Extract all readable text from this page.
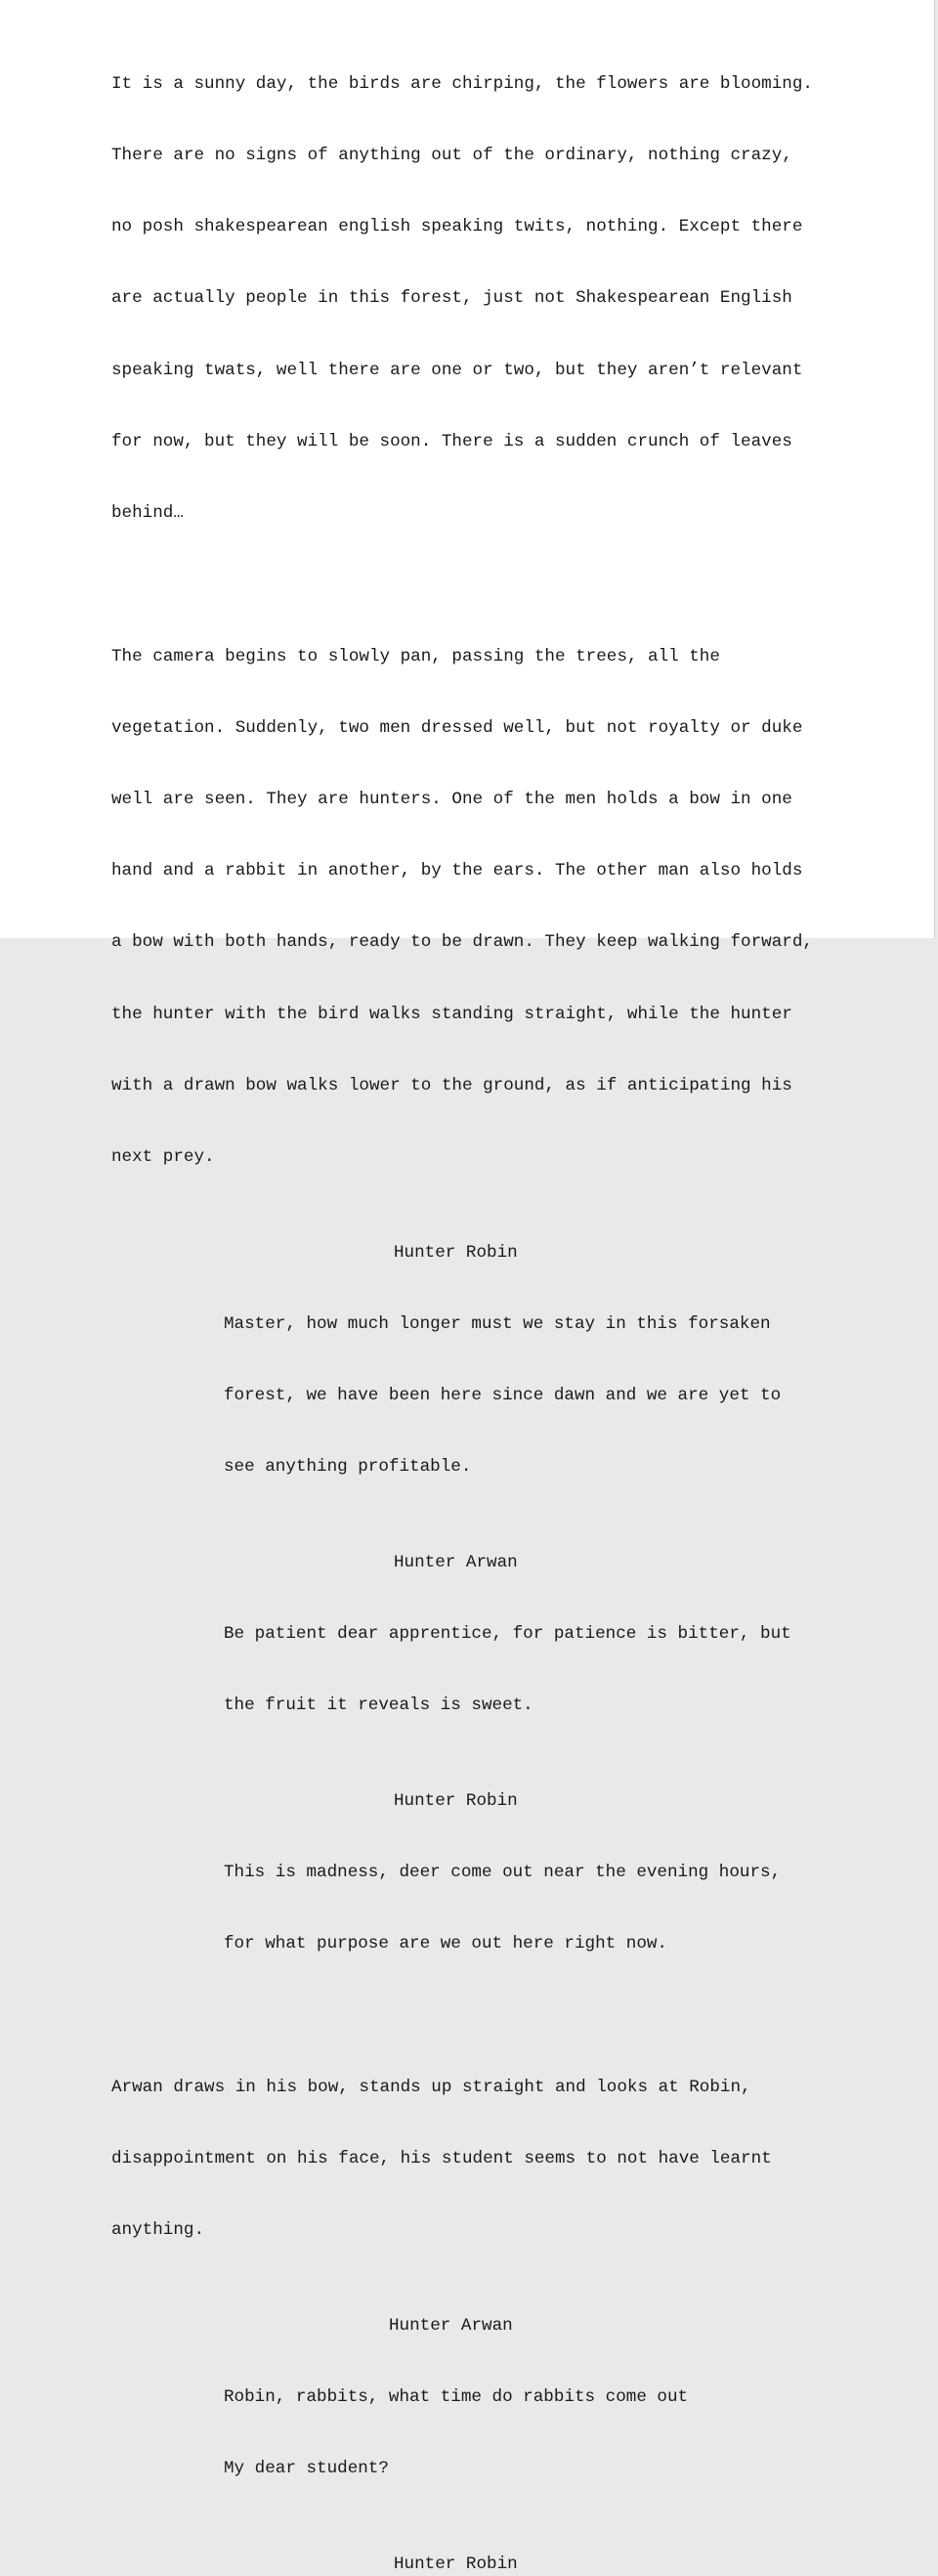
It is a sunny day, the birds are chirping, the flowers are blooming.

There are no signs of anything out of the ordinary, nothing crazy,

no posh shakespearean english speaking twits, nothing. Except there

are actually people in this forest, just not Shakespearean English

speaking twats, well there are one or two, but they aren’t relevant

for now, but they will be soon. There is a sudden crunch of leaves

behind…

The camera begins to slowly pan, passing the trees, all the

vegetation. Suddenly, two men dressed well, but not royalty or duke

well are seen. They are hunters. One of the men holds a bow in one

hand and a rabbit in another, by the ears. The other man also holds

a bow with both hands, ready to be drawn. They keep walking forward,

the hunter with the bird walks standing straight, while the hunter

with a drawn bow walks lower to the ground, as if anticipating his

next prey.

Hunter Robin

Master, how much longer must we stay in this forsaken

forest, we have been here since dawn and we are yet to

see anything profitable.

Hunter Arwan

Be patient dear apprentice, for patience is bitter, but

the fruit it reveals is sweet.

Hunter Robin

This is madness, deer come out near the evening hours,

for what purpose are we out here right now.

Arwan draws in his bow, stands up straight and looks at Robin,

disappointment on his face, his student seems to not have learnt

anything.

Hunter Arwan

Robin, rabbits, what time do rabbits come out

My dear student?

Hunter Robin
